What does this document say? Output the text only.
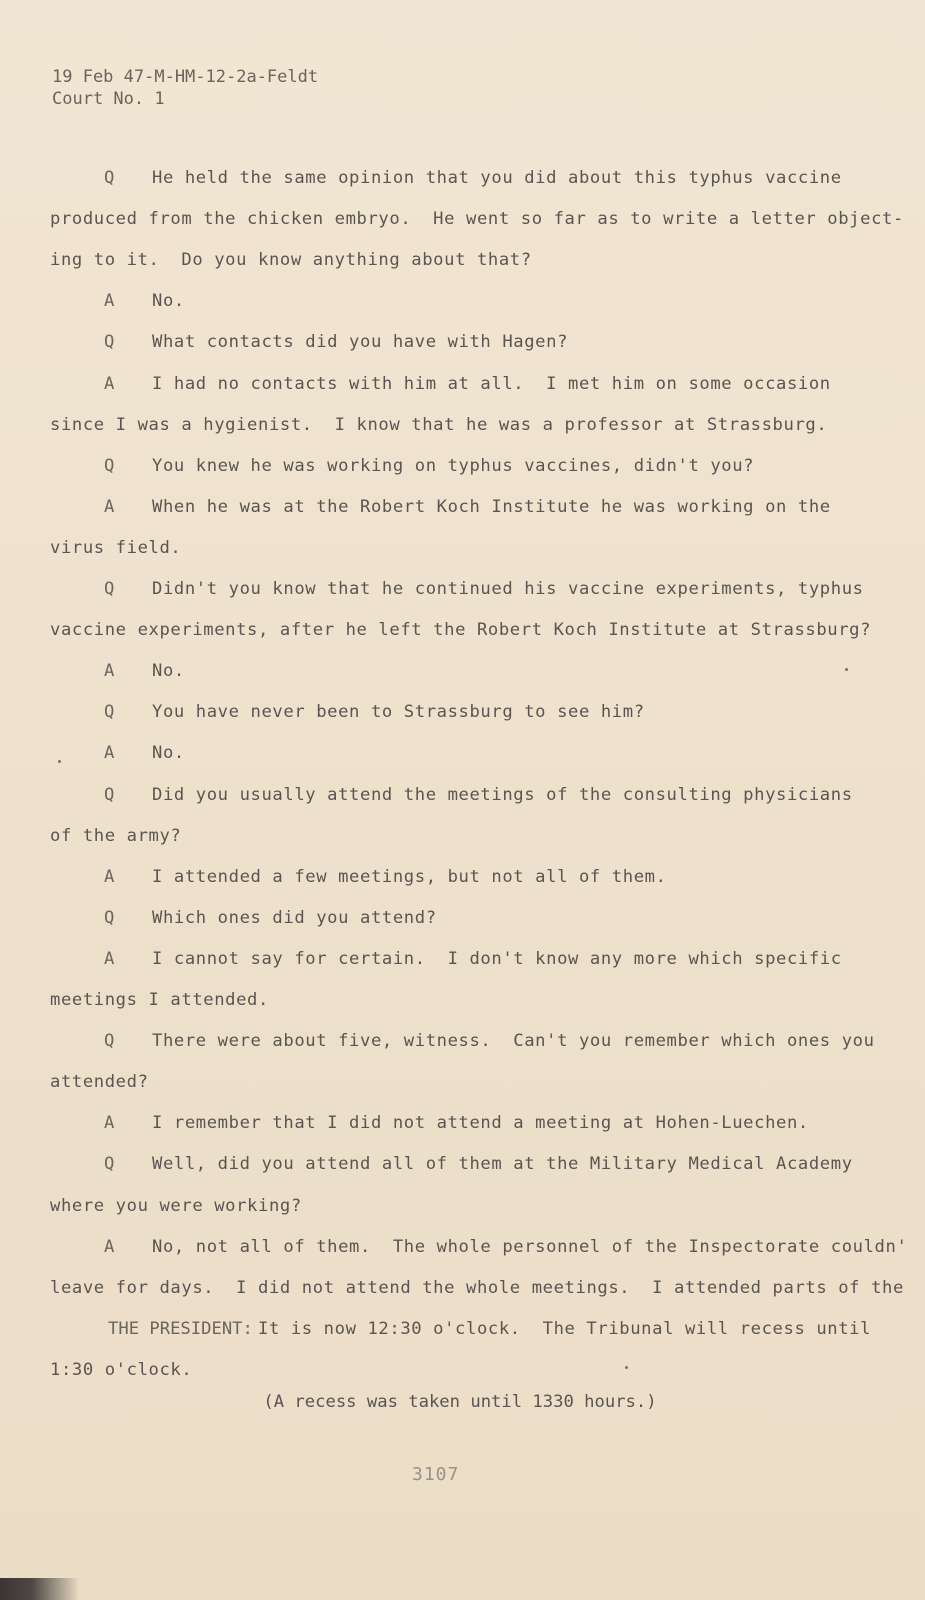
19 Feb 47-M-HM-12-2a-Feldt
Court No. 1
Q He held the same opinion that you did about this typhus vaccine
produced from the chicken embryo.  He went so far as to write a letter object-
ing to it.  Do you know anything about that?
A No.
Q What contacts did you have with Hagen?
A I had no contacts with him at all.  I met him on some occasion
since I was a hygienist.  I know that he was a professor at Strassburg.
Q You knew he was working on typhus vaccines, didn't you?
A When he was at the Robert Koch Institute he was working on the
virus field.
Q Didn't you know that he continued his vaccine experiments, typhus
vaccine experiments, after he left the Robert Koch Institute at Strassburg?
A No.
Q You have never been to Strassburg to see him?
A No.
Q Did you usually attend the meetings of the consulting physicians
of the army?
A I attended a few meetings, but not all of them.
Q Which ones did you attend?
A I cannot say for certain.  I don't know any more which specific
meetings I attended.
Q There were about five, witness.  Can't you remember which ones you
attended?
A I remember that I did not attend a meeting at Hohen-Luechen.
Q Well, did you attend all of them at the Military Medical Academy
where you were working?
A No, not all of them.  The whole personnel of the Inspectorate couldn'
leave for days.  I did not attend the whole meetings.  I attended parts of the
THE PRESIDENT: It is now 12:30 o'clock.  The Tribunal will recess until
1:30 o'clock.
(A recess was taken until 1330 hours.)
3107
